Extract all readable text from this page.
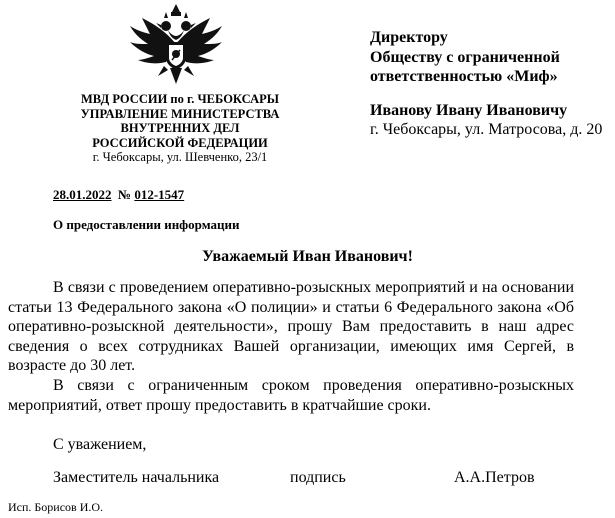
МВД РОССИИ по г. ЧЕБОКСАРЫ
УПРАВЛЕНИЕ МИНИСТЕРСТВА
ВНУТРЕННИХ ДЕЛ
РОССИЙСКОЙ ФЕДЕРАЦИИ
г. Чебоксары, ул. Шевченко, 23/1
Директору
Обществу с ограниченной
ответственностью «Миф»
Иванову Ивану Ивановичу
г. Чебоксары, ул. Матросова, д. 20
28.01.2022 № 012-1547
О предоставлении информации
Уважаемый Иван Иванович!

В связи с проведением оперативно-розыскных мероприятий и на основании статьи 13 Федерального закона «О полиции» и статьи 6 Федерального закона «Об оперативно-розыскной деятельности», прошу Вам предоставить в наш адрес сведения о всех сотрудниках Вашей организации, имеющих имя Сергей, в возрасте до 30 лет.

В связи с ограниченным сроком проведения оперативно-розыскных мероприятий, ответ прошу предоставить в кратчайшие сроки.

С уважением,
Заместитель начальника	подпись	А.А.Петров
Исп. Борисов И.О.
